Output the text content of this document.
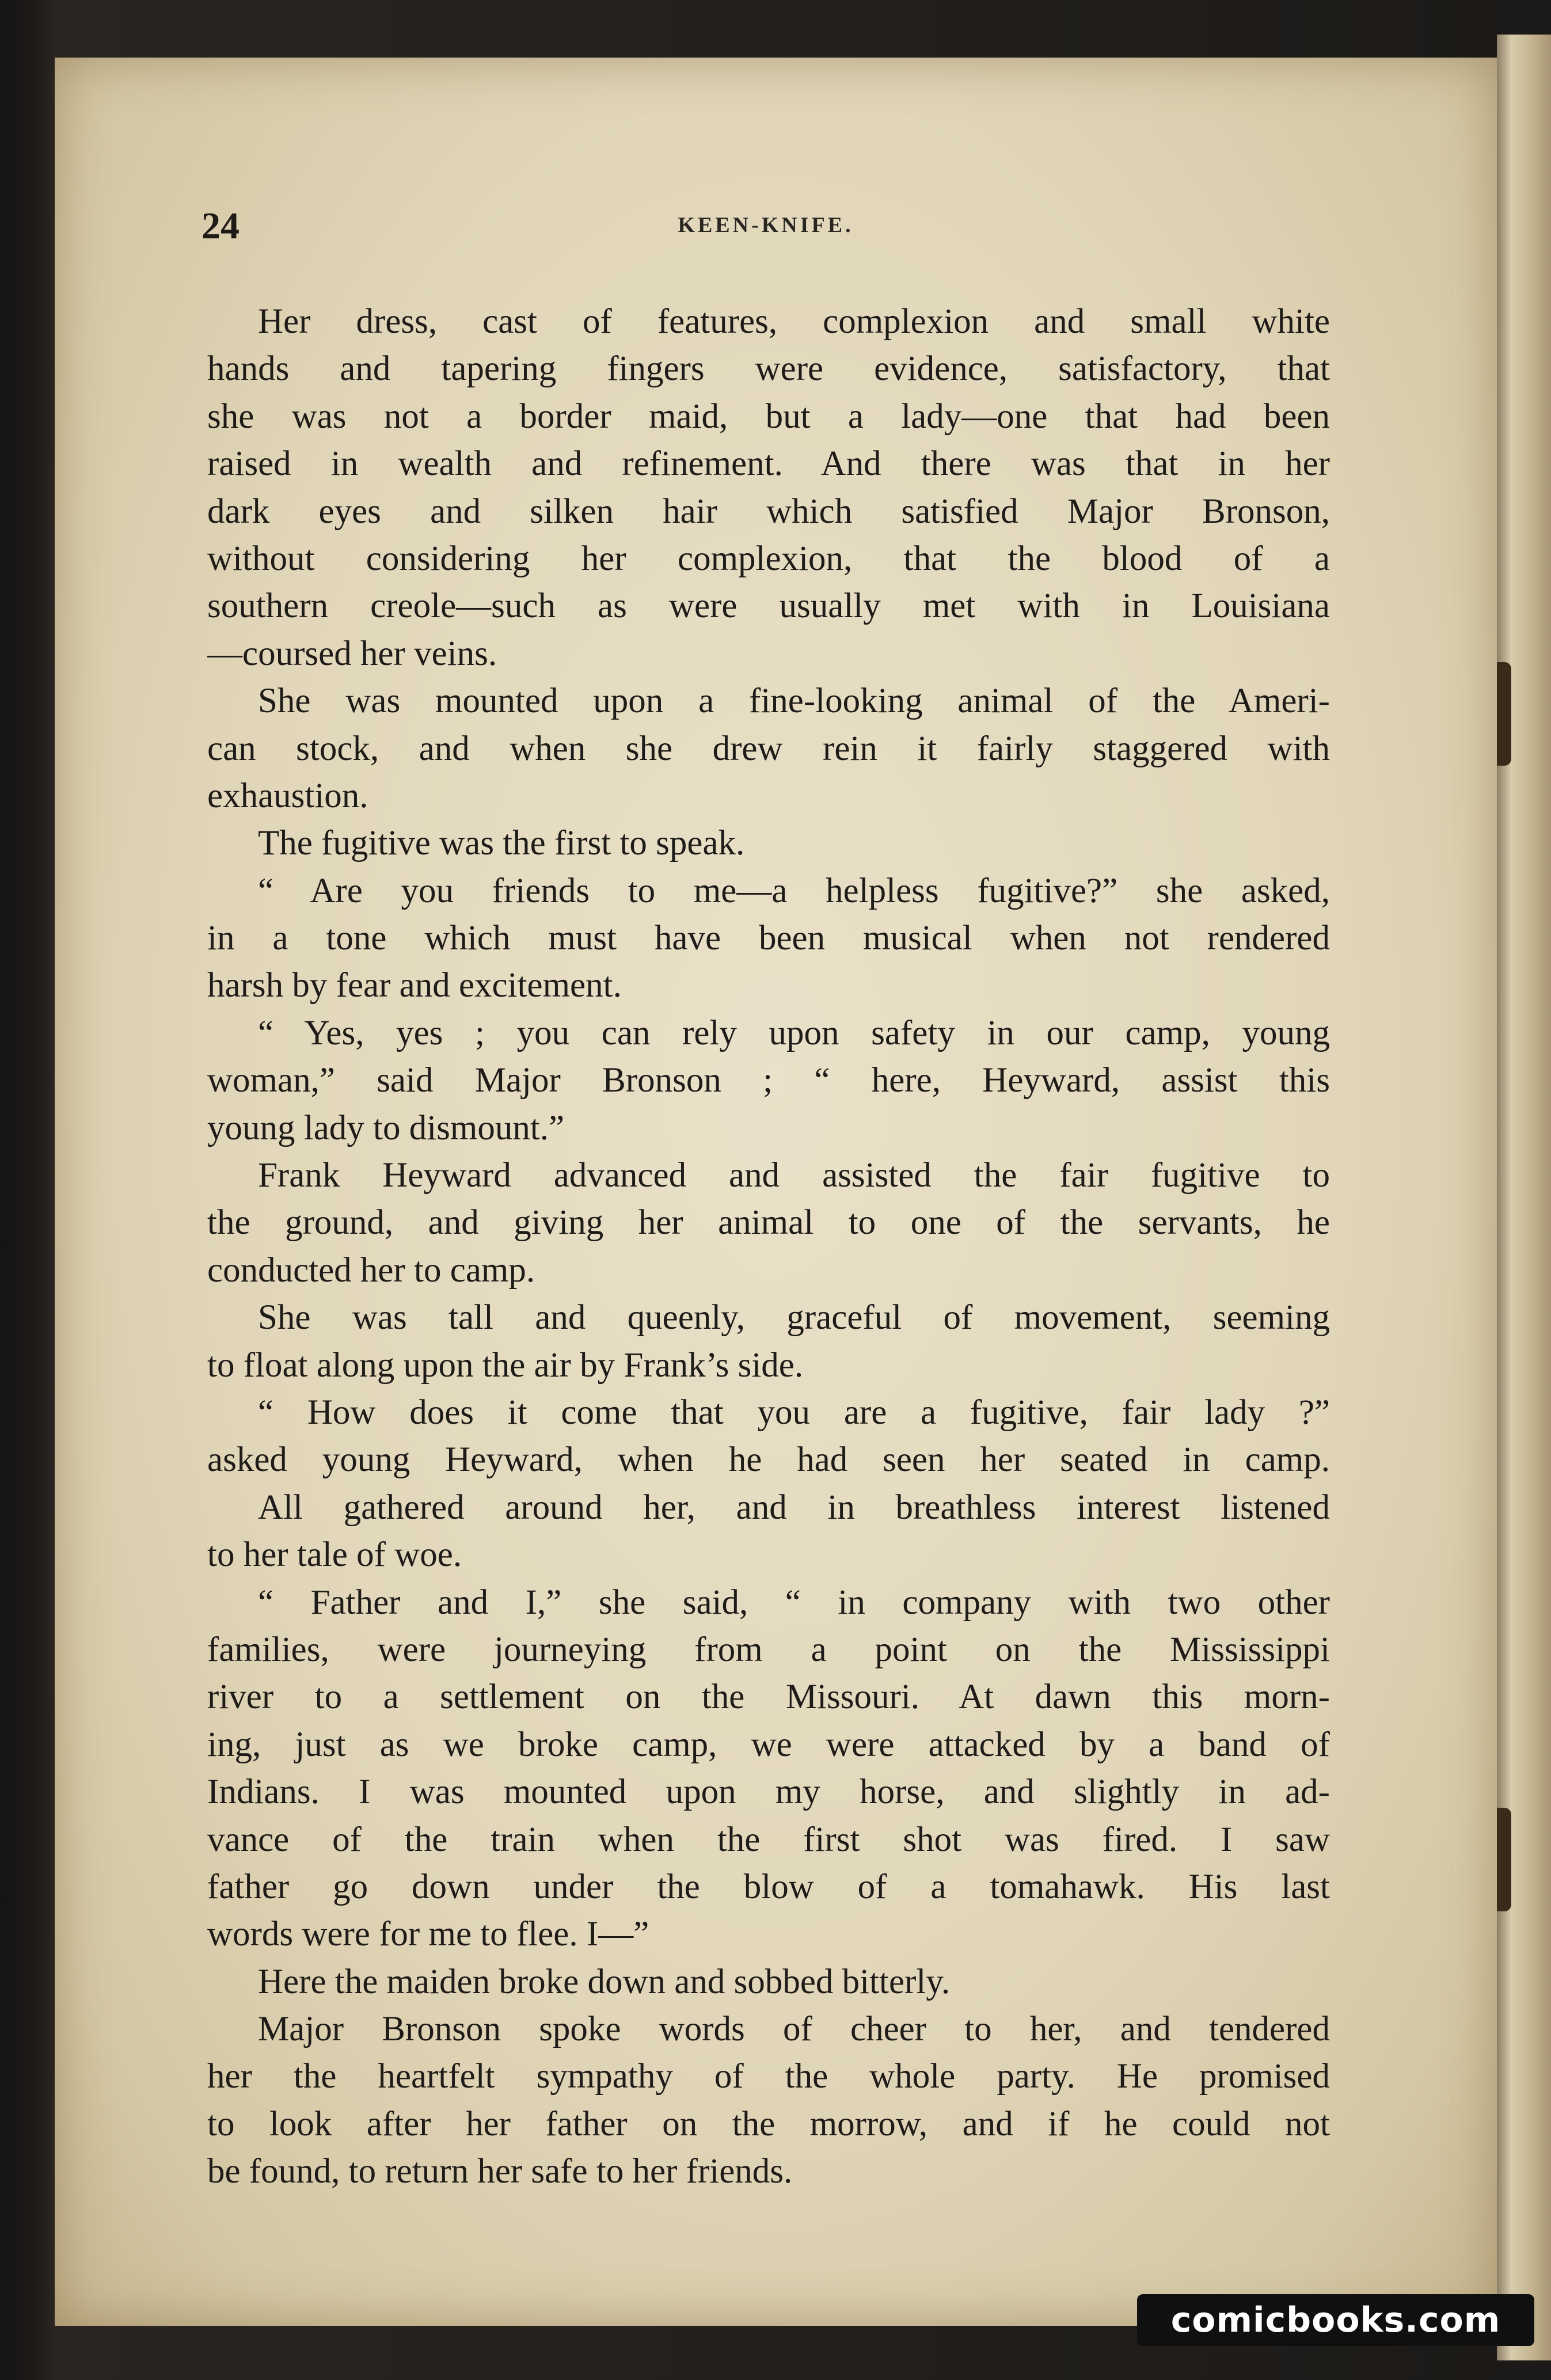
24	KEEN-KNIFE.
Her dress, cast of features, complexion and small white
hands and tapering fingers were evidence, satisfactory, that
she was not a border maid, but a lady—one that had been
raised in wealth and refinement. And there was that in her
dark eyes and silken hair which satisfied Major Bronson,
without considering her complexion, that the blood of a
southern creole—such as were usually met with in Louisiana
—coursed her veins.
She was mounted upon a fine-looking animal of the Ameri-
can stock, and when she drew rein it fairly staggered with
exhaustion.
The fugitive was the first to speak.
“ Are you friends to me—a helpless fugitive?” she asked,
in a tone which must have been musical when not rendered
harsh by fear and excitement.
“ Yes, yes ; you can rely upon safety in our camp, young
woman,” said Major Bronson ; “ here, Heyward, assist this
young lady to dismount.”
Frank Heyward advanced and assisted the fair fugitive to
the ground, and giving her animal to one of the servants, he
conducted her to camp.
She was tall and queenly, graceful of movement, seeming
to float along upon the air by Frank’s side.
“ How does it come that you are a fugitive, fair lady ?”
asked young Heyward, when he had seen her seated in camp.
All gathered around her, and in breathless interest listened
to her tale of woe.
“ Father and I,” she said, “ in company with two other
families, were journeying from a point on the Mississippi
river to a settlement on the Missouri. At dawn this morn-
ing, just as we broke camp, we were attacked by a band of
Indians. I was mounted upon my horse, and slightly in ad-
vance of the train when the first shot was fired. I saw
father go down under the blow of a tomahawk. His last
words were for me to flee. I—”
Here the maiden broke down and sobbed bitterly.
Major Bronson spoke words of cheer to her, and tendered
her the heartfelt sympathy of the whole party. He promised
to look after her father on the morrow, and if he could not
be found, to return her safe to her friends.
comicbooks.com
